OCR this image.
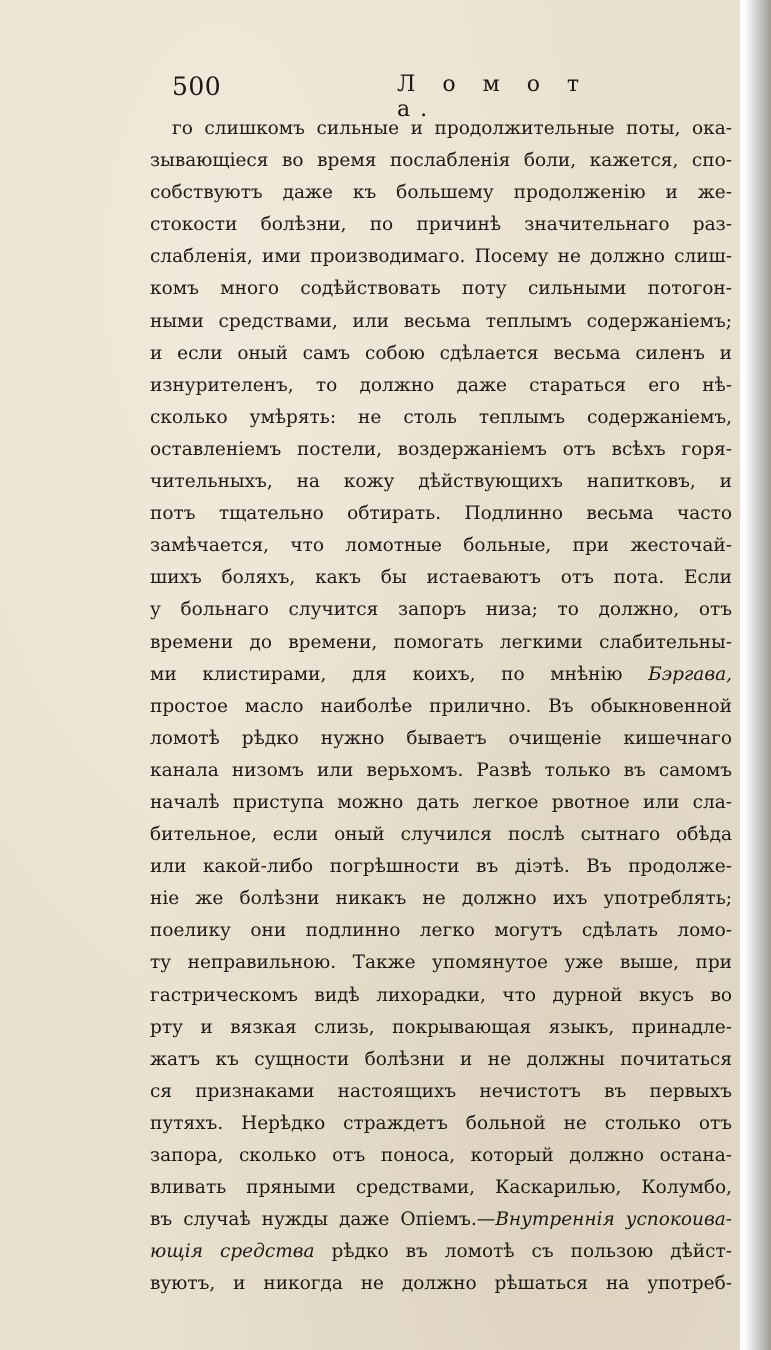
500	Л о м о т а.
го слишкомъ сильные и продолжительные поты, ока-
зывающіеся во время послабленія боли, кажется, спо-
собствуютъ даже къ большему продолженію и же-
стокости болѣзни, по причинѣ значительнаго раз-
слабленія, ими производимаго. Посему не должно слиш-
комъ много содѣйствовать поту сильными потогон-
ными средствами, или весьма теплымъ содержаніемъ;
и если оный самъ собою сдѣлается весьма силенъ и
изнурителенъ, то должно даже стараться его нѣ-
сколько умѣрять: не столь теплымъ содержаніемъ,
оставленіемъ постели, воздержаніемъ отъ всѣхъ горя-
чительныхъ, на кожу дѣйствующихъ напитковъ, и
потъ тщательно обтирать. Подлинно весьма часто
замѣчается, что ломотные больные, при жесточай-
шихъ боляхъ, какъ бы истаеваютъ отъ пота. Если
у больнаго случится запоръ низа; то должно, отъ
времени до времени, помогать легкими слабительны-
ми клистирами, для коихъ, по мнѣнію Бэргава,
простое масло наиболѣе прилично. Въ обыкновенной
ломотѣ рѣдко нужно бываетъ очищеніе кишечнаго
канала низомъ или верьхомъ. Развѣ только въ самомъ
началѣ приступа можно дать легкое рвотное или сла-
бительное, если оный случился послѣ сытнаго обѣда
или какой-либо погрѣшности въ діэтѣ. Въ продолже-
ніе же болѣзни никакъ не должно ихъ употреблять;
поелику они подлинно легко могутъ сдѣлать ломо-
ту неправильною. Также упомянутое уже выше, при
гастрическомъ видѣ лихорадки, что дурной вкусъ во
рту и вязкая слизь, покрывающая языкъ, принадле-
жатъ къ сущности болѣзни и не должны почитаться
ся признаками настоящихъ нечистотъ въ первыхъ
путяхъ. Нерѣдко страждетъ больной не столько отъ
запора, сколько отъ поноса, который должно остана-
вливать пряными средствами, Каскарилью, Колумбо,
въ случаѣ нужды даже Опіемъ.—Внутреннія успокоива-
ющія средства рѣдко въ ломотѣ съ пользою дѣйст-
вуютъ, и никогда не должно рѣшаться на употреб-
